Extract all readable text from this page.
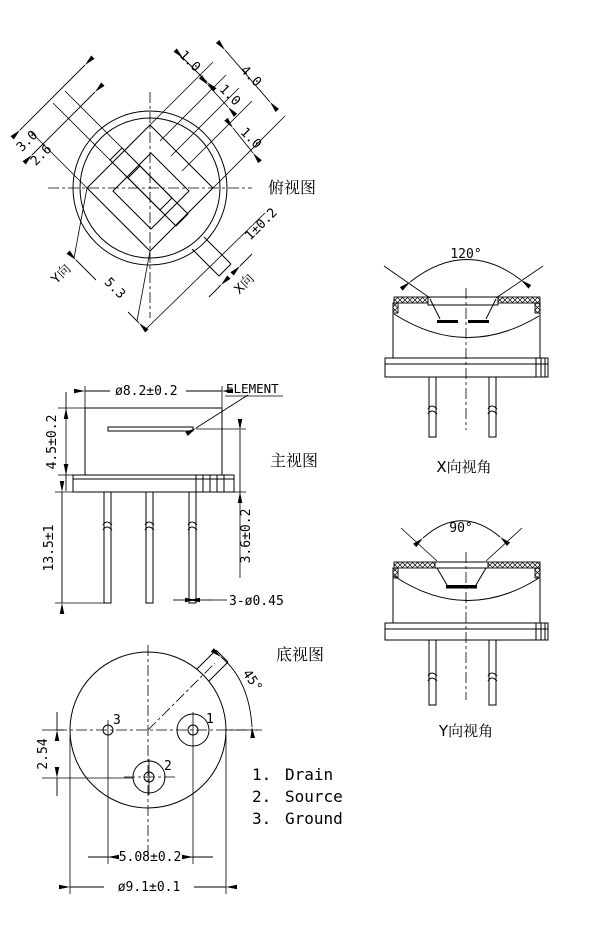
1.0
4.0
1.0
1.0
3.0
2.6
5.3
1±0.2
Y向	X向
俯视图
ø8.2±0.2	ELEMENT
4.5±0.2
13.5±1	3.6±0.2
3-ø0.45
主视图
3	1
2
45°
2.54
5.08±0.2
ø9.1±0.1
底视图
1. Drain
2. Source
3. Ground
120°
X向视角
90°
Y向视角
